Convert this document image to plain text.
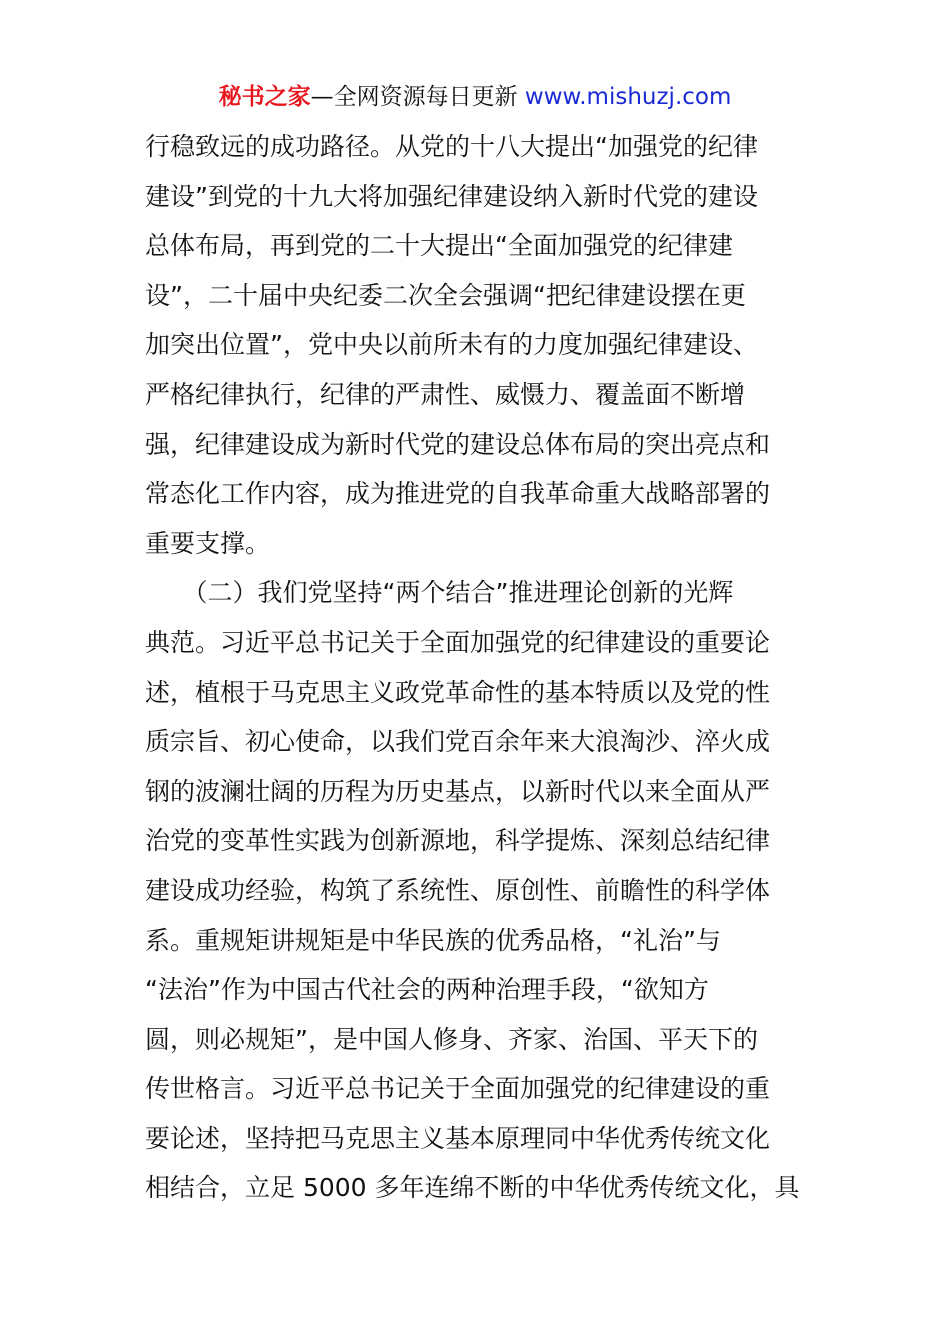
秘书之家—全网资源每日更新 www.mishuzj.com
行稳致远的成功路径。从党的十八大提出“加强党的纪律
建设”到党的十九大将加强纪律建设纳入新时代党的建设
总体布局，再到党的二十大提出“全面加强党的纪律建
设”，二十届中央纪委二次全会强调“把纪律建设摆在更
加突出位置”，党中央以前所未有的力度加强纪律建设、
严格纪律执行，纪律的严肃性、威慑力、覆盖面不断增
强，纪律建设成为新时代党的建设总体布局的突出亮点和
常态化工作内容，成为推进党的自我革命重大战略部署的
重要支撑。
　　（二）我们党坚持“两个结合”推进理论创新的光辉
典范。习近平总书记关于全面加强党的纪律建设的重要论
述，植根于马克思主义政党革命性的基本特质以及党的性
质宗旨、初心使命，以我们党百余年来大浪淘沙、淬火成
钢的波澜壮阔的历程为历史基点，以新时代以来全面从严
治党的变革性实践为创新源地，科学提炼、深刻总结纪律
建设成功经验，构筑了系统性、原创性、前瞻性的科学体
系。重规矩讲规矩是中华民族的优秀品格，“礼治”与
“法治”作为中国古代社会的两种治理手段，“欲知方
圆，则必规矩”，是中国人修身、齐家、治国、平天下的
传世格言。习近平总书记关于全面加强党的纪律建设的重
要论述，坚持把马克思主义基本原理同中华优秀传统文化
相结合，立足 5000 多年连绵不断的中华优秀传统文化，具
